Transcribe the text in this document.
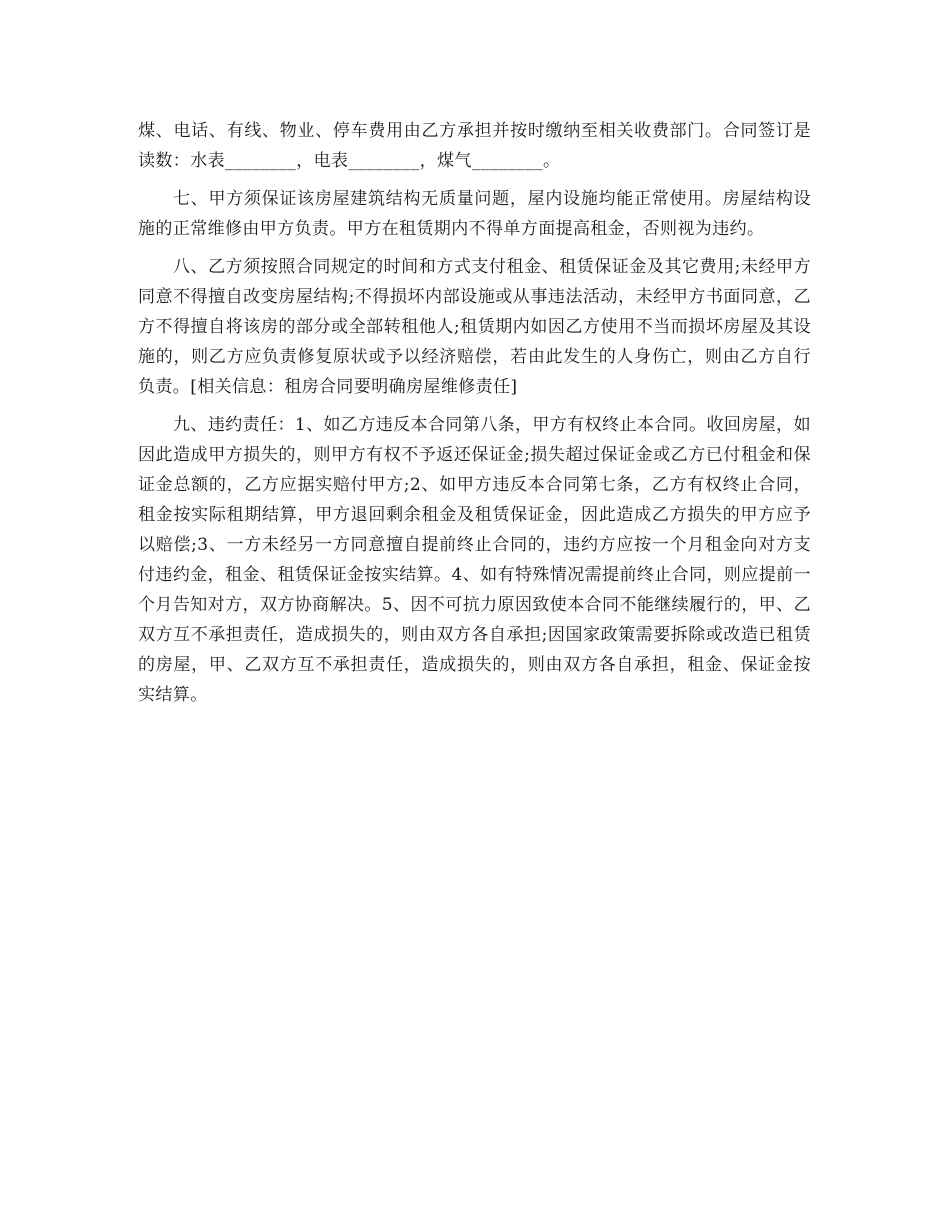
煤、电话、有线、物业、停车费用由乙方承担并按时缴纳至相关收费部门。合同签订是读数：水表________，电表________，煤气________。

七、甲方须保证该房屋建筑结构无质量问题，屋内设施均能正常使用。房屋结构设施的正常维修由甲方负责。甲方在租赁期内不得单方面提高租金，否则视为违约。

八、乙方须按照合同规定的时间和方式支付租金、租赁保证金及其它费用;未经甲方同意不得擅自改变房屋结构;不得损坏内部设施或从事违法活动，未经甲方书面同意，乙方不得擅自将该房的部分或全部转租他人;租赁期内如因乙方使用不当而损坏房屋及其设施的，则乙方应负责修复原状或予以经济赔偿，若由此发生的人身伤亡，则由乙方自行负责。[相关信息：租房合同要明确房屋维修责任]

九、违约责任：1、如乙方违反本合同第八条，甲方有权终止本合同。收回房屋，如因此造成甲方损失的，则甲方有权不予返还保证金;损失超过保证金或乙方已付租金和保证金总额的，乙方应据实赔付甲方;2、如甲方违反本合同第七条，乙方有权终止合同，租金按实际租期结算，甲方退回剩余租金及租赁保证金，因此造成乙方损失的甲方应予以赔偿;3、一方未经另一方同意擅自提前终止合同的，违约方应按一个月租金向对方支付违约金，租金、租赁保证金按实结算。4、如有特殊情况需提前终止合同，则应提前一个月告知对方，双方协商解决。5、因不可抗力原因致使本合同不能继续履行的，甲、乙双方互不承担责任，造成损失的，则由双方各自承担;因国家政策需要拆除或改造已租赁的房屋，甲、乙双方互不承担责任，造成损失的，则由双方各自承担，租金、保证金按实结算。
